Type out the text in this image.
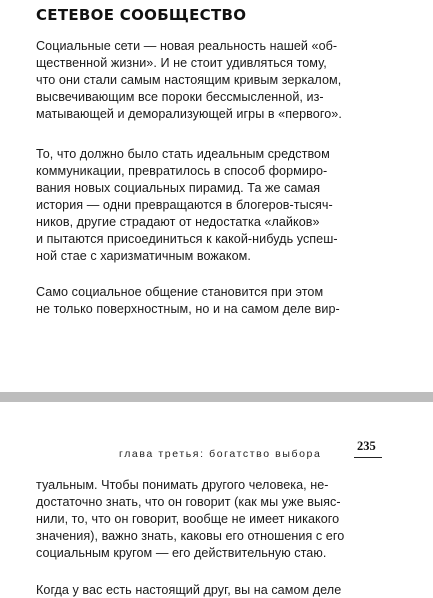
СЕТЕВОЕ СООБЩЕСТВО

Социальные сети — новая реальность нашей «об-
щественной жизни». И не стоит удивляться тому,
что они стали самым настоящим кривым зеркалом,
высвечивающим все пороки бессмысленной, из-
матывающей и деморализующей игры в «первого».

То, что должно было стать идеальным средством
коммуникации, превратилось в способ формиро-
вания новых социальных пирамид. Та же самая
история — одни превращаются в блогеров-тысяч-
ников, другие страдают от недостатка «лайков»
и пытаются присоединиться к какой-нибудь успеш-
ной стае с харизматичным вожаком.

Само социальное общение становится при этом
не только поверхностным, но и на самом деле вир-

глава третья: богатство выбора

235

туальным. Чтобы понимать другого человека, не-
достаточно знать, что он говорит (как мы уже выяс-
нили, то, что он говорит, вообще не имеет никакого
значения), важно знать, каковы его отношения с его
социальным кругом — его действительную стаю.

Когда у вас есть настоящий друг, вы на самом деле
